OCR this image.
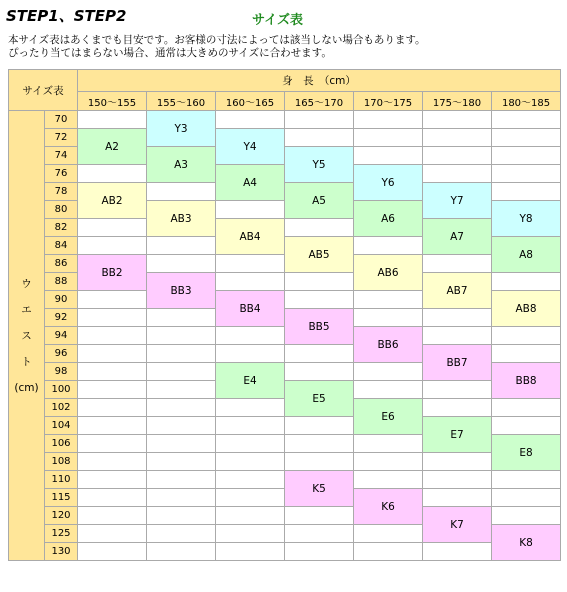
STEP1、STEP2	サイズ表
本サイズ表はあくまでも目安です。お客様の寸法によっては該当しない場合もあります。
ぴったり当てはまらない場合、通常は大きめのサイズに合わせます。
サイズ表		身　長　（cm）						
		150～155	155～160	160～165	165～170	170～175	175～180	180～185
ウ
エ
ス
ト
(cm)	70		Y3					
	72	A2		Y4				
	74		A3		Y5			
	76			A4		Y6		
	78	AB2			A5		Y7	
	80		AB3			A6		Y8
	82			AB4			A7	
	84				AB5			A8
	86	BB2				AB6		
	88		BB3				AB7	
	90			BB4				AB8
	92				BB5			
	94					BB6		
	96						BB7	
	98			E4				BB8
	100				E5			
	102					E6		
	104						E7	
	106							E8
	108							
	110				K5			
	115					K6		
	120						K7	
	125							K8
	130							
